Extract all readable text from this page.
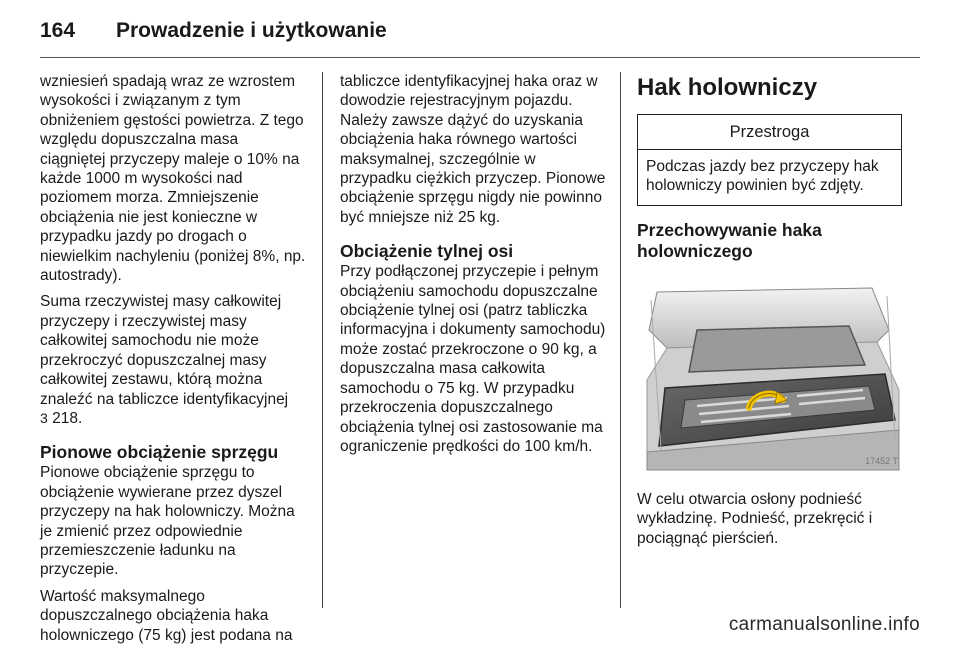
164	Prowadzenie i użytkowanie

wzniesień spadają wraz ze wzrostem wysokości i związanym z tym obniżeniem gęstości powietrza. Z tego względu dopuszczalna masa ciągniętej przyczepy maleje o 10% na każde 1000 m wysokości nad poziomem morza. Zmniejszenie obciążenia nie jest konieczne w przypadku jazdy po drogach o niewielkim nachyleniu (poniżej 8%, np. autostrady).

Suma rzeczywistej masy całkowitej przyczepy i rzeczywistej masy całkowitej samochodu nie może przekroczyć dopuszczalnej masy całkowitej zestawu, którą można znaleźć na tabliczce identyfikacyjnej
3 218.

Pionowe obciążenie sprzęgu

Pionowe obciążenie sprzęgu to obciążenie wywierane przez dyszel przyczepy na hak holowniczy. Można je zmienić przez odpowiednie przemieszczenie ładunku na przyczepie.

Wartość maksymalnego dopuszczalnego obciążenia haka holowniczego (75 kg) jest podana na

tabliczce identyfikacyjnej haka oraz w dowodzie rejestracyjnym pojazdu. Należy zawsze dążyć do uzyskania obciążenia haka równego wartości maksymalnej, szczególnie w przypadku ciężkich przyczep. Pionowe obciążenie sprzęgu nigdy nie powinno być mniejsze niż 25 kg.

Obciążenie tylnej osi

Przy podłączonej przyczepie i pełnym obciążeniu samochodu dopuszczalne obciążenie tylnej osi (patrz tabliczka informacyjna i dokumenty samochodu) może zostać przekroczone o 90 kg, a dopuszczalna masa całkowita samochodu o 75 kg. W przypadku przekroczenia dopuszczalnego obciążenia tylnej osi zastosowanie ma ograniczenie prędkości do 100 km/h.

Hak holowniczy
Przestroga
Podczas jazdy bez przyczepy hak holowniczy powinien być zdjęty.
Przechowywanie haka holowniczego
17452 T

W celu otwarcia osłony podnieść wykładzinę. Podnieść, przekręcić i pociągnąć pierścień.

carmanualsonline.info
